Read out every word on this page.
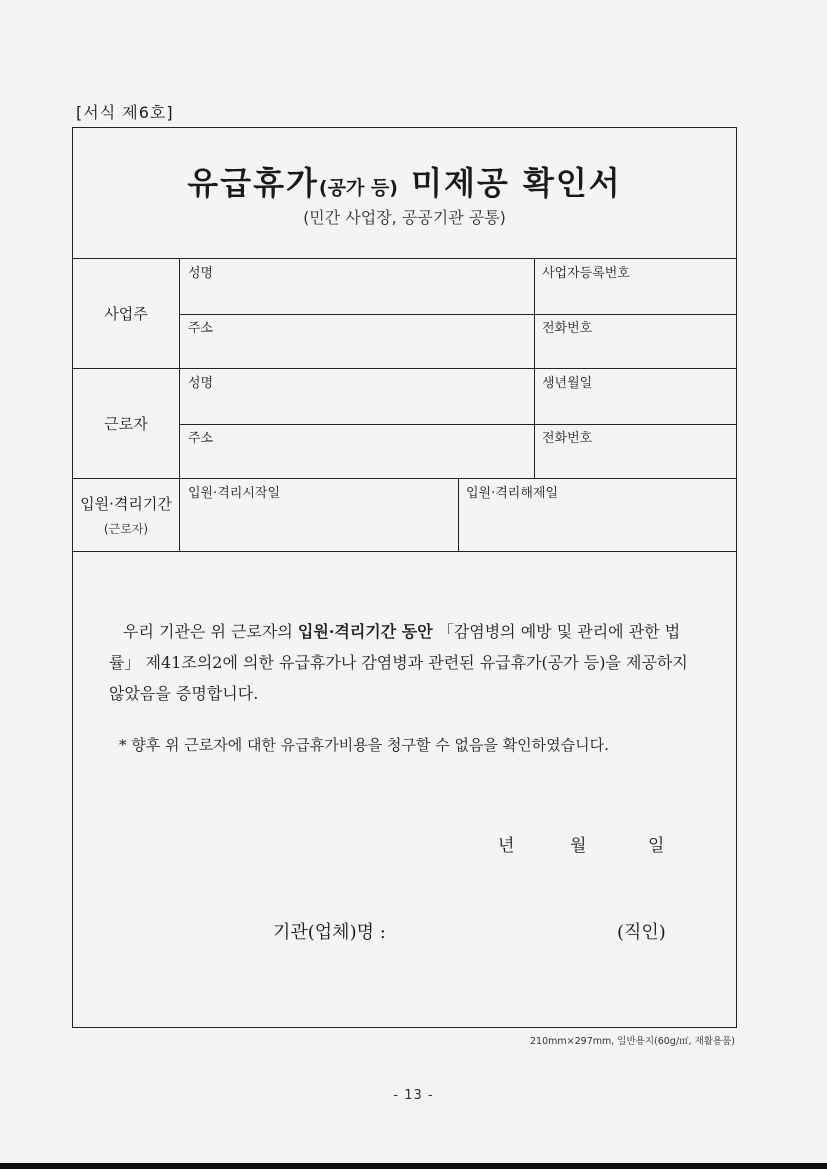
[서식 제6호]
유급휴가(공가 등) 미제공 확인서
(민간 사업장, 공공기관 공통)
사업주
성명	사업자등록번호
주소	전화번호
근로자
성명	생년월일
주소	전화번호
입원·격리기간
(근로자)
입원·격리시작일	입원·격리해제일

우리 기관은 위 근로자의 입원·격리기간 동안 「감염병의 예방 및 관리에 관한 법률」 제41조의2에 의한 유급휴가나 감염병과 관련된 유급휴가(공가 등)을 제공하지 않았음을 증명합니다.

* 향후 위 근로자에 대한 유급휴가비용을 청구할 수 없음을 확인하였습니다.
년	월	일
기관(업체)명 :	(직인)
210mm×297mm, 일반용지(60g/㎡, 재활용품)
- 13 -
